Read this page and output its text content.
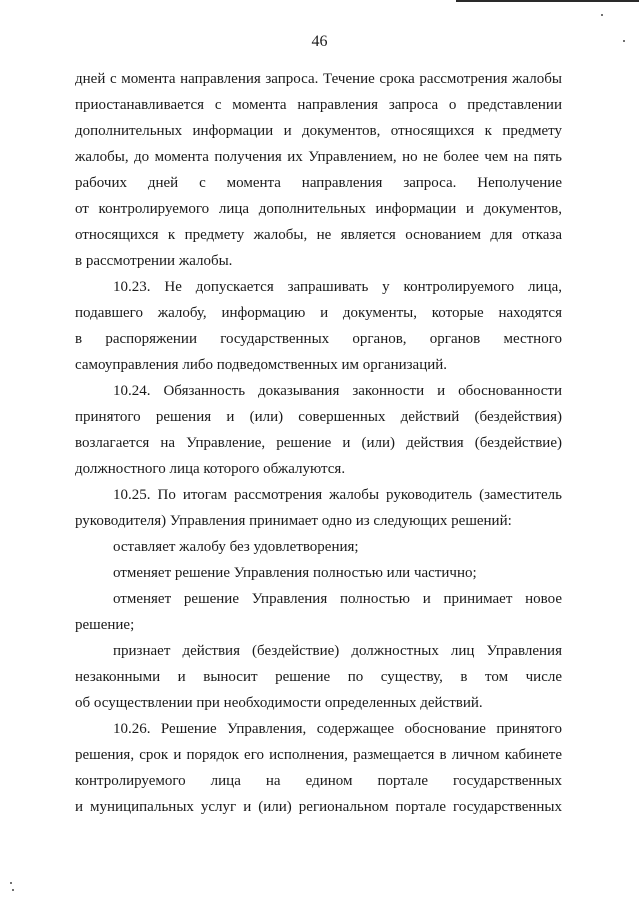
46
дней с момента направления запроса. Течение срока рассмотрения жалобы
приостанавливается с момента направления запроса о представлении
дополнительных информации и документов, относящихся к предмету
жалобы, до момента получения их Управлением, но не более чем на пять
рабочих дней с момента направления запроса. Неполучение
от контролируемого лица дополнительных информации и документов,
относящихся к предмету жалобы, не является основанием для отказа
в рассмотрении жалобы.
10.23. Не допускается запрашивать у контролируемого лица,
подавшего жалобу, информацию и документы, которые находятся
в распоряжении государственных органов, органов местного
самоуправления либо подведомственных им организаций.
10.24. Обязанность доказывания законности и обоснованности
принятого решения и (или) совершенных действий (бездействия)
возлагается на Управление, решение и (или) действия (бездействие)
должностного лица которого обжалуются.
10.25. По итогам рассмотрения жалобы руководитель (заместитель
руководителя) Управления принимает одно из следующих решений:
оставляет жалобу без удовлетворения;
отменяет решение Управления полностью или частично;
отменяет решение Управления полностью и принимает новое
решение;
признает действия (бездействие) должностных лиц Управления
незаконными и выносит решение по существу, в том числе
об осуществлении при необходимости определенных действий.
10.26. Решение Управления, содержащее обоснование принятого
решения, срок и порядок его исполнения, размещается в личном кабинете
контролируемого лица на едином портале государственных
и муниципальных услуг и (или) региональном портале государственных
